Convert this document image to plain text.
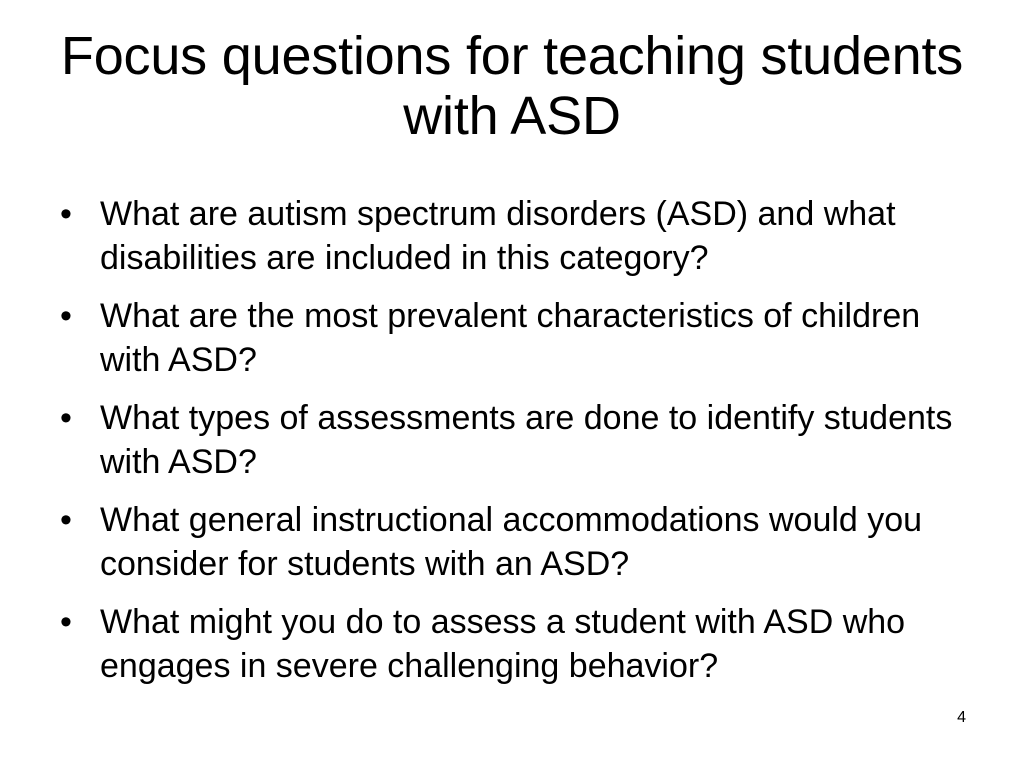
Focus questions for teaching students with ASD
• What are autism spectrum disorders (ASD) and what disabilities are included in this category?
• What are the most prevalent characteristics of children with ASD?
• What types of assessments are done to identify students with ASD?
• What general instructional accommodations would you consider for students with an ASD?
• What might you do to assess a student with ASD who engages in severe challenging behavior?
4
